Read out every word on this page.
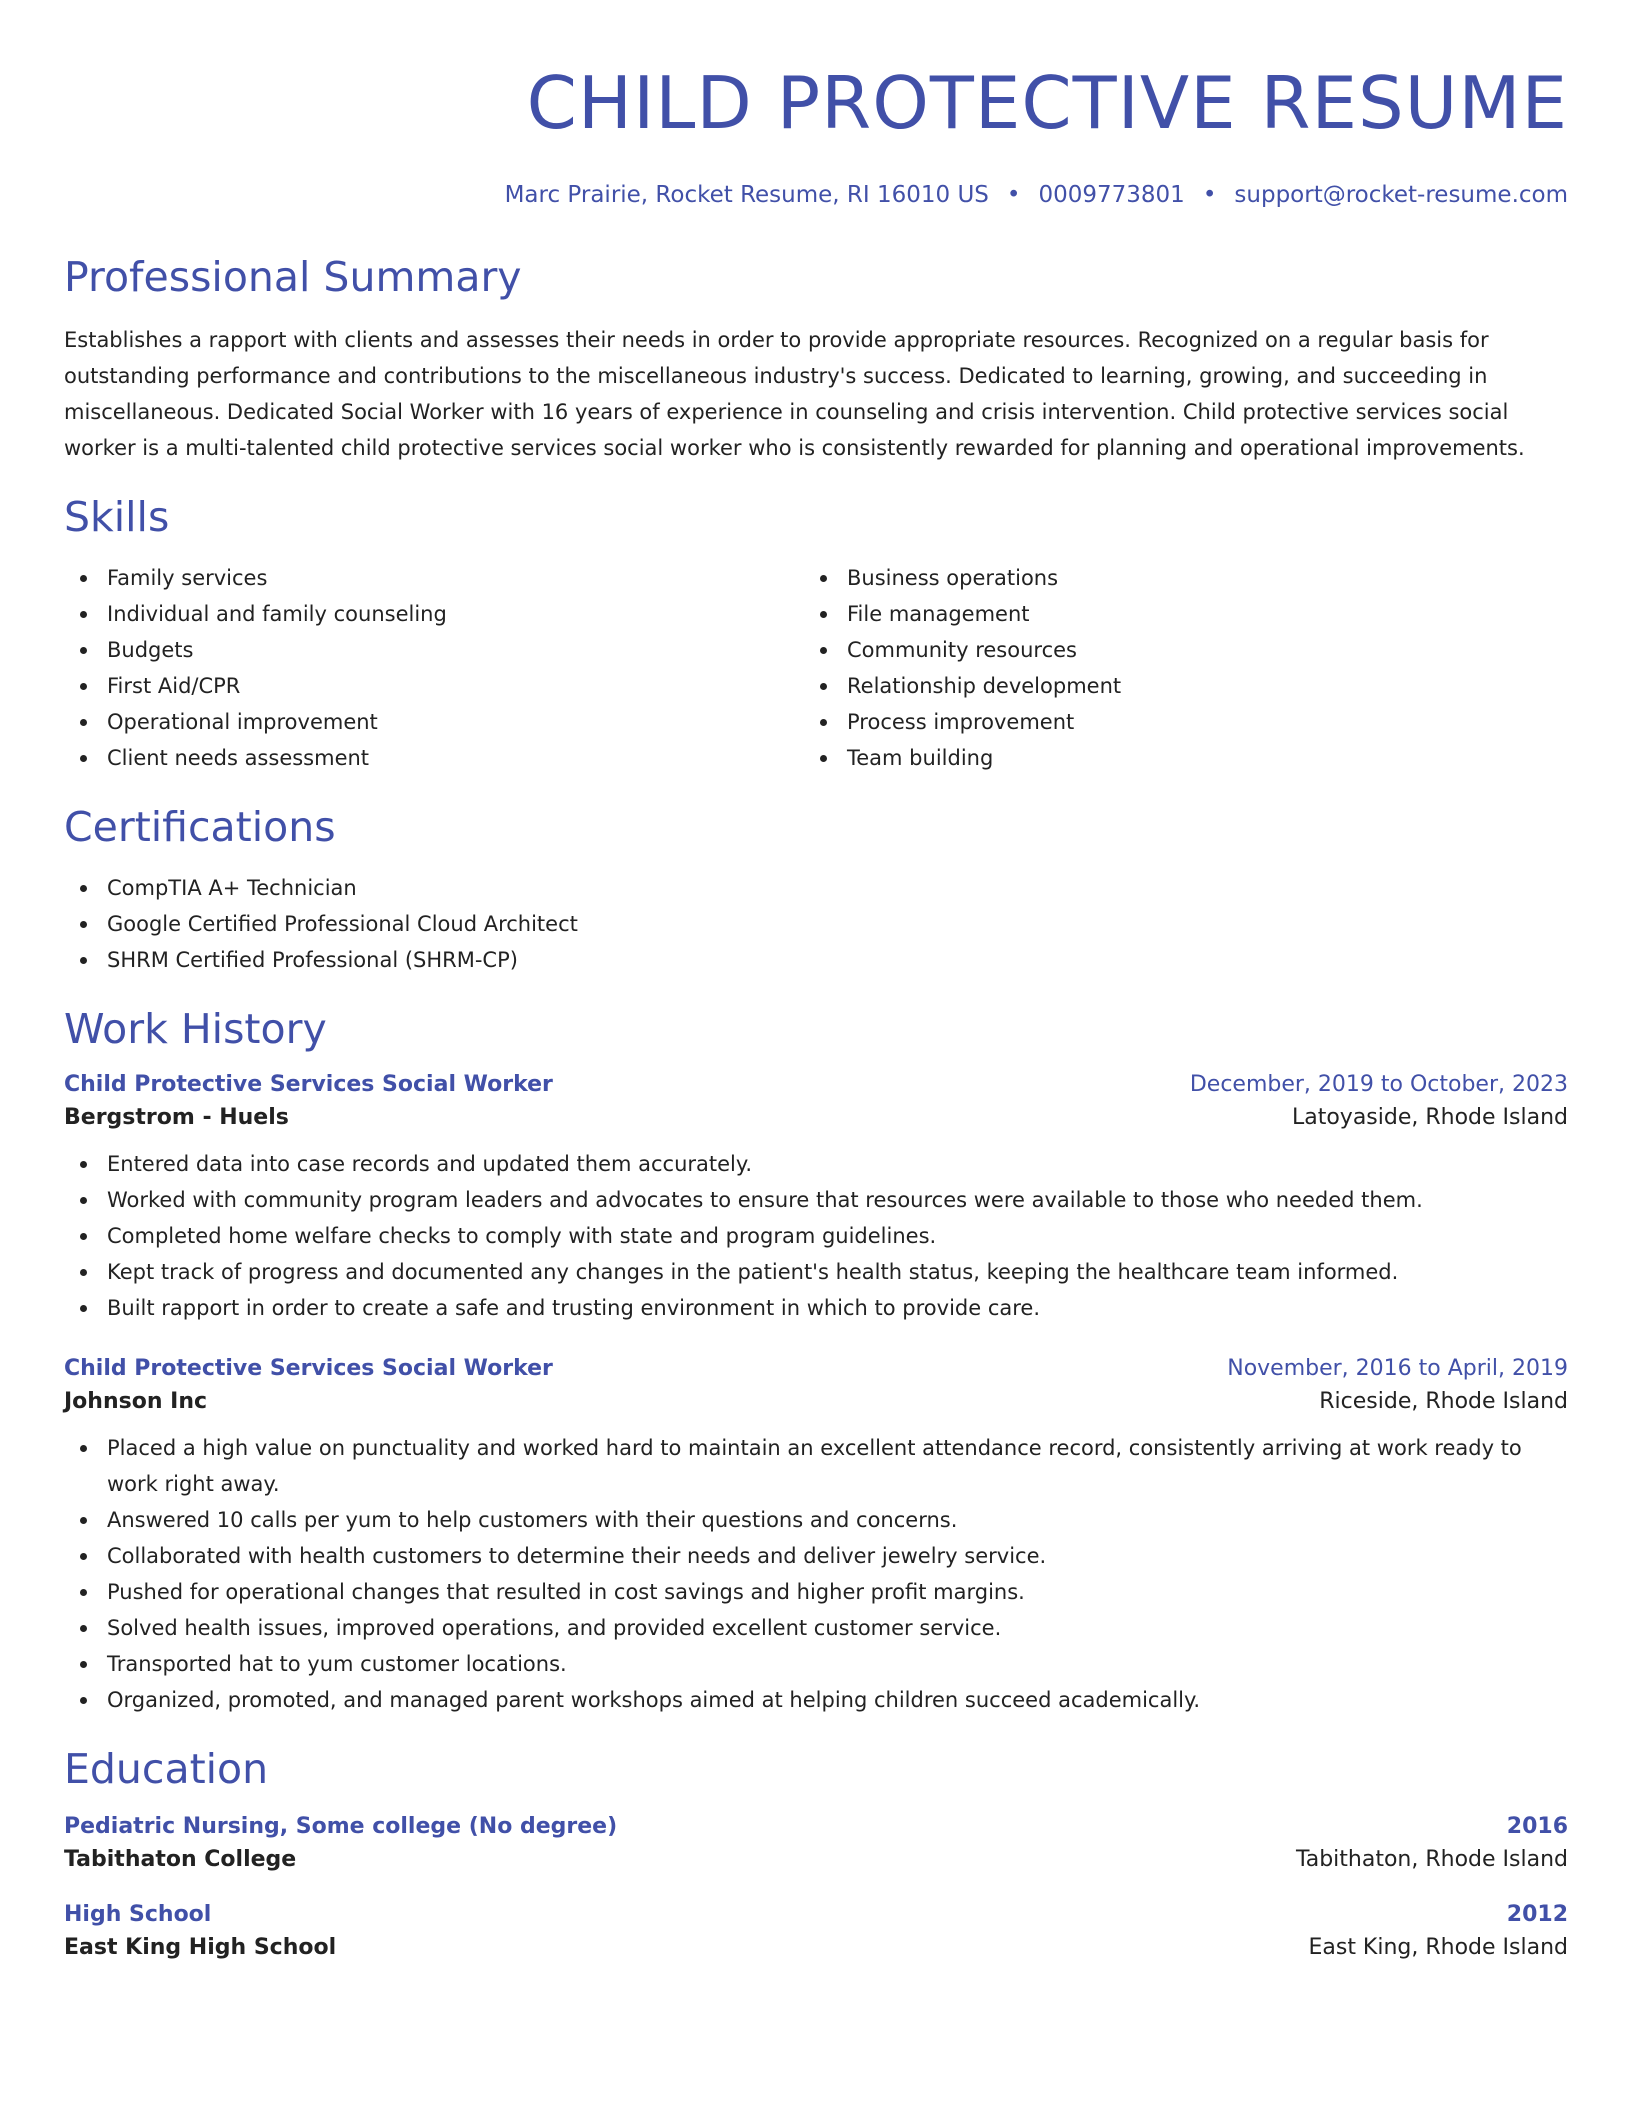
CHILD PROTECTIVE RESUME
Marc Prairie, Rocket Resume, RI 16010 US • 0009773801 • support@rocket-resume.com
Professional Summary
Establishes a rapport with clients and assesses their needs in order to provide appropriate resources. Recognized on a regular basis for outstanding performance and contributions to the miscellaneous industry's success. Dedicated to learning, growing, and succeeding in miscellaneous. Dedicated Social Worker with 16 years of experience in counseling and crisis intervention. Child protective services social worker is a multi-talented child protective services social worker who is consistently rewarded for planning and operational improvements.
Skills
Family services
Individual and family counseling
Budgets
First Aid/CPR
Operational improvement
Client needs assessment
Business operations
File management
Community resources
Relationship development
Process improvement
Team building
Certifications
CompTIA A+ Technician
Google Certified Professional Cloud Architect
SHRM Certified Professional (SHRM-CP)
Work History
Child Protective Services Social Worker	December, 2019 to October, 2023
Bergstrom - Huels	Latoyaside, Rhode Island
Entered data into case records and updated them accurately.
Worked with community program leaders and advocates to ensure that resources were available to those who needed them.
Completed home welfare checks to comply with state and program guidelines.
Kept track of progress and documented any changes in the patient's health status, keeping the healthcare team informed.
Built rapport in order to create a safe and trusting environment in which to provide care.
Child Protective Services Social Worker	November, 2016 to April, 2019
Johnson Inc	Riceside, Rhode Island
Placed a high value on punctuality and worked hard to maintain an excellent attendance record, consistently arriving at work ready to work right away.
Answered 10 calls per yum to help customers with their questions and concerns.
Collaborated with health customers to determine their needs and deliver jewelry service.
Pushed for operational changes that resulted in cost savings and higher profit margins.
Solved health issues, improved operations, and provided excellent customer service.
Transported hat to yum customer locations.
Organized, promoted, and managed parent workshops aimed at helping children succeed academically.
Education
Pediatric Nursing, Some college (No degree)	2016
Tabithaton College	Tabithaton, Rhode Island
High School	2012
East King High School	East King, Rhode Island
